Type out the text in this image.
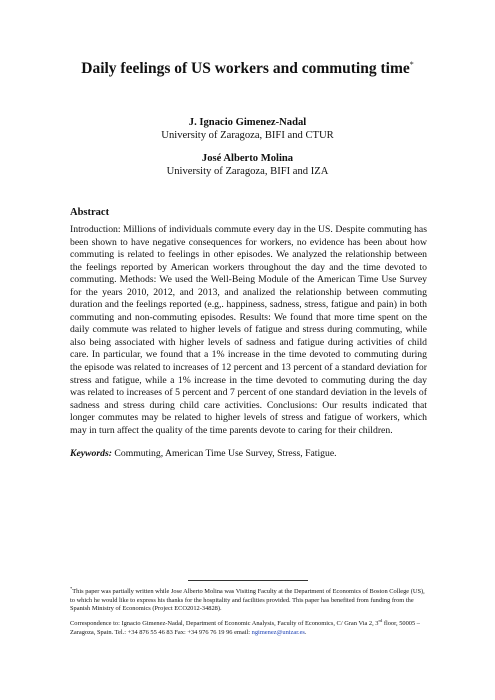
Daily feelings of US workers and commuting time*
J. Ignacio Gimenez-Nadal
University of Zaragoza, BIFI and CTUR
José Alberto Molina
University of Zaragoza, BIFI and IZA
Abstract
Introduction: Millions of individuals commute every day in the US. Despite commuting has been shown to have negative consequences for workers, no evidence has been about how commuting is related to feelings in other episodes. We analyzed the relationship between the feelings reported by American workers throughout the day and the time devoted to commuting. Methods: We used the Well-Being Module of the American Time Use Survey for the years 2010, 2012, and 2013, and analized the relationship between commuting duration and the feelings reported (e.g,. happiness, sadness, stress, fatigue and pain) in both commuting and non-commuting episodes. Results: We found that more time spent on the daily commute was related to higher levels of fatigue and stress during commuting, while also being associated with higher levels of sadness and fatigue during activities of child care. In particular, we found that a 1% increase in the time devoted to commuting during the episode was related to increases of 12 percent and 13 percent of a standard deviation for stress and fatigue, while a 1% increase in the time devoted to commuting during the day was related to increases of 5 percent and 7 percent of one standard deviation in the levels of sadness and stress during child care activities. Conclusions: Our results indicated that longer commutes may be related to higher levels of stress and fatigue of workers, which may in turn affect the quality of the time parents devote to caring for their children.
Keywords: Commuting, American Time Use Survey, Stress, Fatigue.

*This paper was partially written while Jose Alberto Molina was Visiting Faculty at the Department of Economics of Boston College (US), to which he would like to express his thanks for the hospitality and facilities provided. This paper has benefited from funding from the Spanish Ministry of Economics (Project ECO2012-34828).

Correspondence to: Ignacio Gimenez-Nadal, Department of Economic Analysis, Faculty of Economics, C/ Gran Via 2, 3rd floor, 50005 – Zaragoza, Spain. Tel.: +34 876 55 46 83 Fax: +34 976 76 19 96 email: ngimenez@unizar.es.
